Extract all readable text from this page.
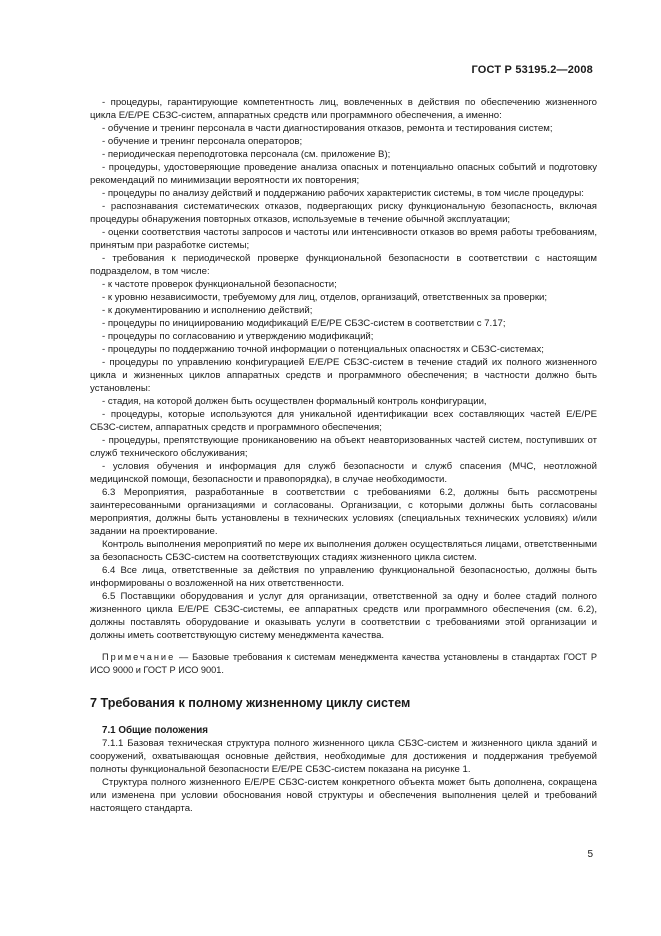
ГОСТ Р 53195.2—2008

- процедуры, гарантирующие компетентность лиц, вовлеченных в действия по обеспечению жизненного цикла Е/Е/РЕ СБЗС-систем, аппаратных средств или программного обеспечения, а именно:

- обучение и тренинг персонала в части диагностирования отказов, ремонта и тестирования систем;

- обучение и тренинг персонала операторов;

- периодическая переподготовка персонала (см. приложение В);

- процедуры, удостоверяющие проведение анализа опасных и потенциально опасных событий и подготовку рекомендаций по минимизации вероятности их повторения;

- процедуры по анализу действий и поддержанию рабочих характеристик системы, в том числе процедуры:

- распознавания систематических отказов, подвергающих риску функциональную безопасность, включая процедуры обнаружения повторных отказов, используемые в течение обычной эксплуатации;

- оценки соответствия частоты запросов и частоты или интенсивности отказов во время работы требованиям, принятым при разработке системы;

- требования к периодической проверке функциональной безопасности в соответствии с настоящим подразделом, в том числе:

- к частоте проверок функциональной безопасности;

- к уровню независимости, требуемому для лиц, отделов, организаций, ответственных за проверки;

- к документированию и исполнению действий;

- процедуры по инициированию модификаций Е/Е/РЕ СБЗС-систем в соответствии с 7.17;

- процедуры по согласованию и утверждению модификаций;

- процедуры по поддержанию точной информации о потенциальных опасностях и СБЗС-системах;

- процедуры по управлению конфигурацией Е/Е/РЕ СБЗС-систем в течение стадий их полного жизненного цикла и жизненных циклов аппаратных средств и программного обеспечения; в частности должно быть установлены:

- стадия, на которой должен быть осуществлен формальный контроль конфигурации,

- процедуры, которые используются для уникальной идентификации всех составляющих частей Е/Е/РЕ СБЗС-систем, аппаратных средств и программного обеспечения;

- процедуры, препятствующие проникановению на объект неавторизованных частей систем, поступивших от служб технического обслуживания;

- условия обучения и информация для служб безопасности и служб спасения (МЧС, неотложной медицинской помощи, безопасности и правопорядка), в случае необходимости.

6.3 Мероприятия, разработанные в соответствии с требованиями 6.2, должны быть рассмотрены заинтересованными организациями и согласованы. Организации, с которыми должны быть согласованы мероприятия, должны быть установлены в технических условиях (специальных технических условиях) и/или задании на проектирование.

Контроль выполнения мероприятий по мере их выполнения должен осуществляться лицами, ответственными за безопасность СБЗС-систем на соответствующих стадиях жизненного цикла систем.

6.4 Все лица, ответственные за действия по управлению функциональной безопасностью, должны быть информированы о возложенной на них ответственности.

6.5 Поставщики оборудования и услуг для организации, ответственной за одну и более стадий полного жизненного цикла Е/Е/РЕ СБЗС-системы, ее аппаратных средств или программного обеспечения (см. 6.2), должны поставлять оборудование и оказывать услуги в соответствии с требованиями этой организации и должны иметь соответствующую систему менеджмента качества.

Примечание — Базовые требования к системам менеджмента качества установлены в стандартах ГОСТ Р ИСО 9000 и ГОСТ Р ИСО 9001.

7 Требования к полному жизненному циклу систем
7.1 Общие положения

7.1.1 Базовая техническая структура полного жизненного цикла СБЗС-систем и жизненного цикла зданий и сооружений, охватывающая основные действия, необходимые для достижения и поддержания требуемой полноты функциональной безопасности Е/Е/РЕ СБЗС-систем показана на рисунке 1.

Структура полного жизненного Е/Е/РЕ СБЗС-систем конкретного объекта может быть дополнена, сокращена или изменена при условии обоснования новой структуры и обеспечения выполнения целей и требований настоящего стандарта.

5
